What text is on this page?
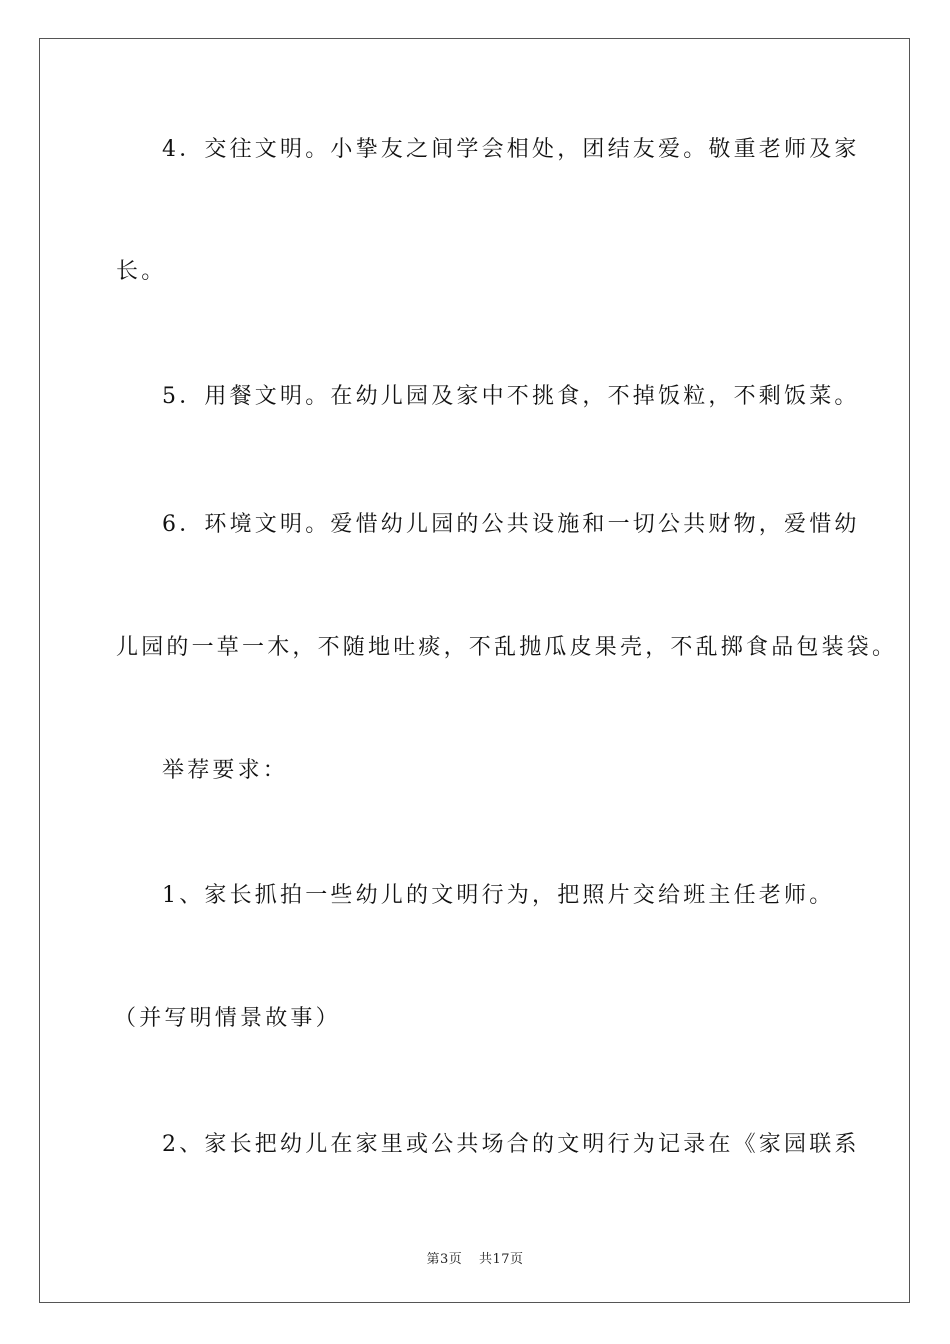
4．交往文明。小挚友之间学会相处，团结友爱。敬重老师及家
长。
5．用餐文明。在幼儿园及家中不挑食，不掉饭粒，不剩饭菜。
6．环境文明。爱惜幼儿园的公共设施和一切公共财物，爱惜幼
儿园的一草一木，不随地吐痰，不乱抛瓜皮果壳，不乱掷食品包装袋。
举荐要求：
1、家长抓拍一些幼儿的文明行为，把照片交给班主任老师。
（并写明情景故事）
2、家长把幼儿在家里或公共场合的文明行为记录在《家园联系
第3页 共17页
